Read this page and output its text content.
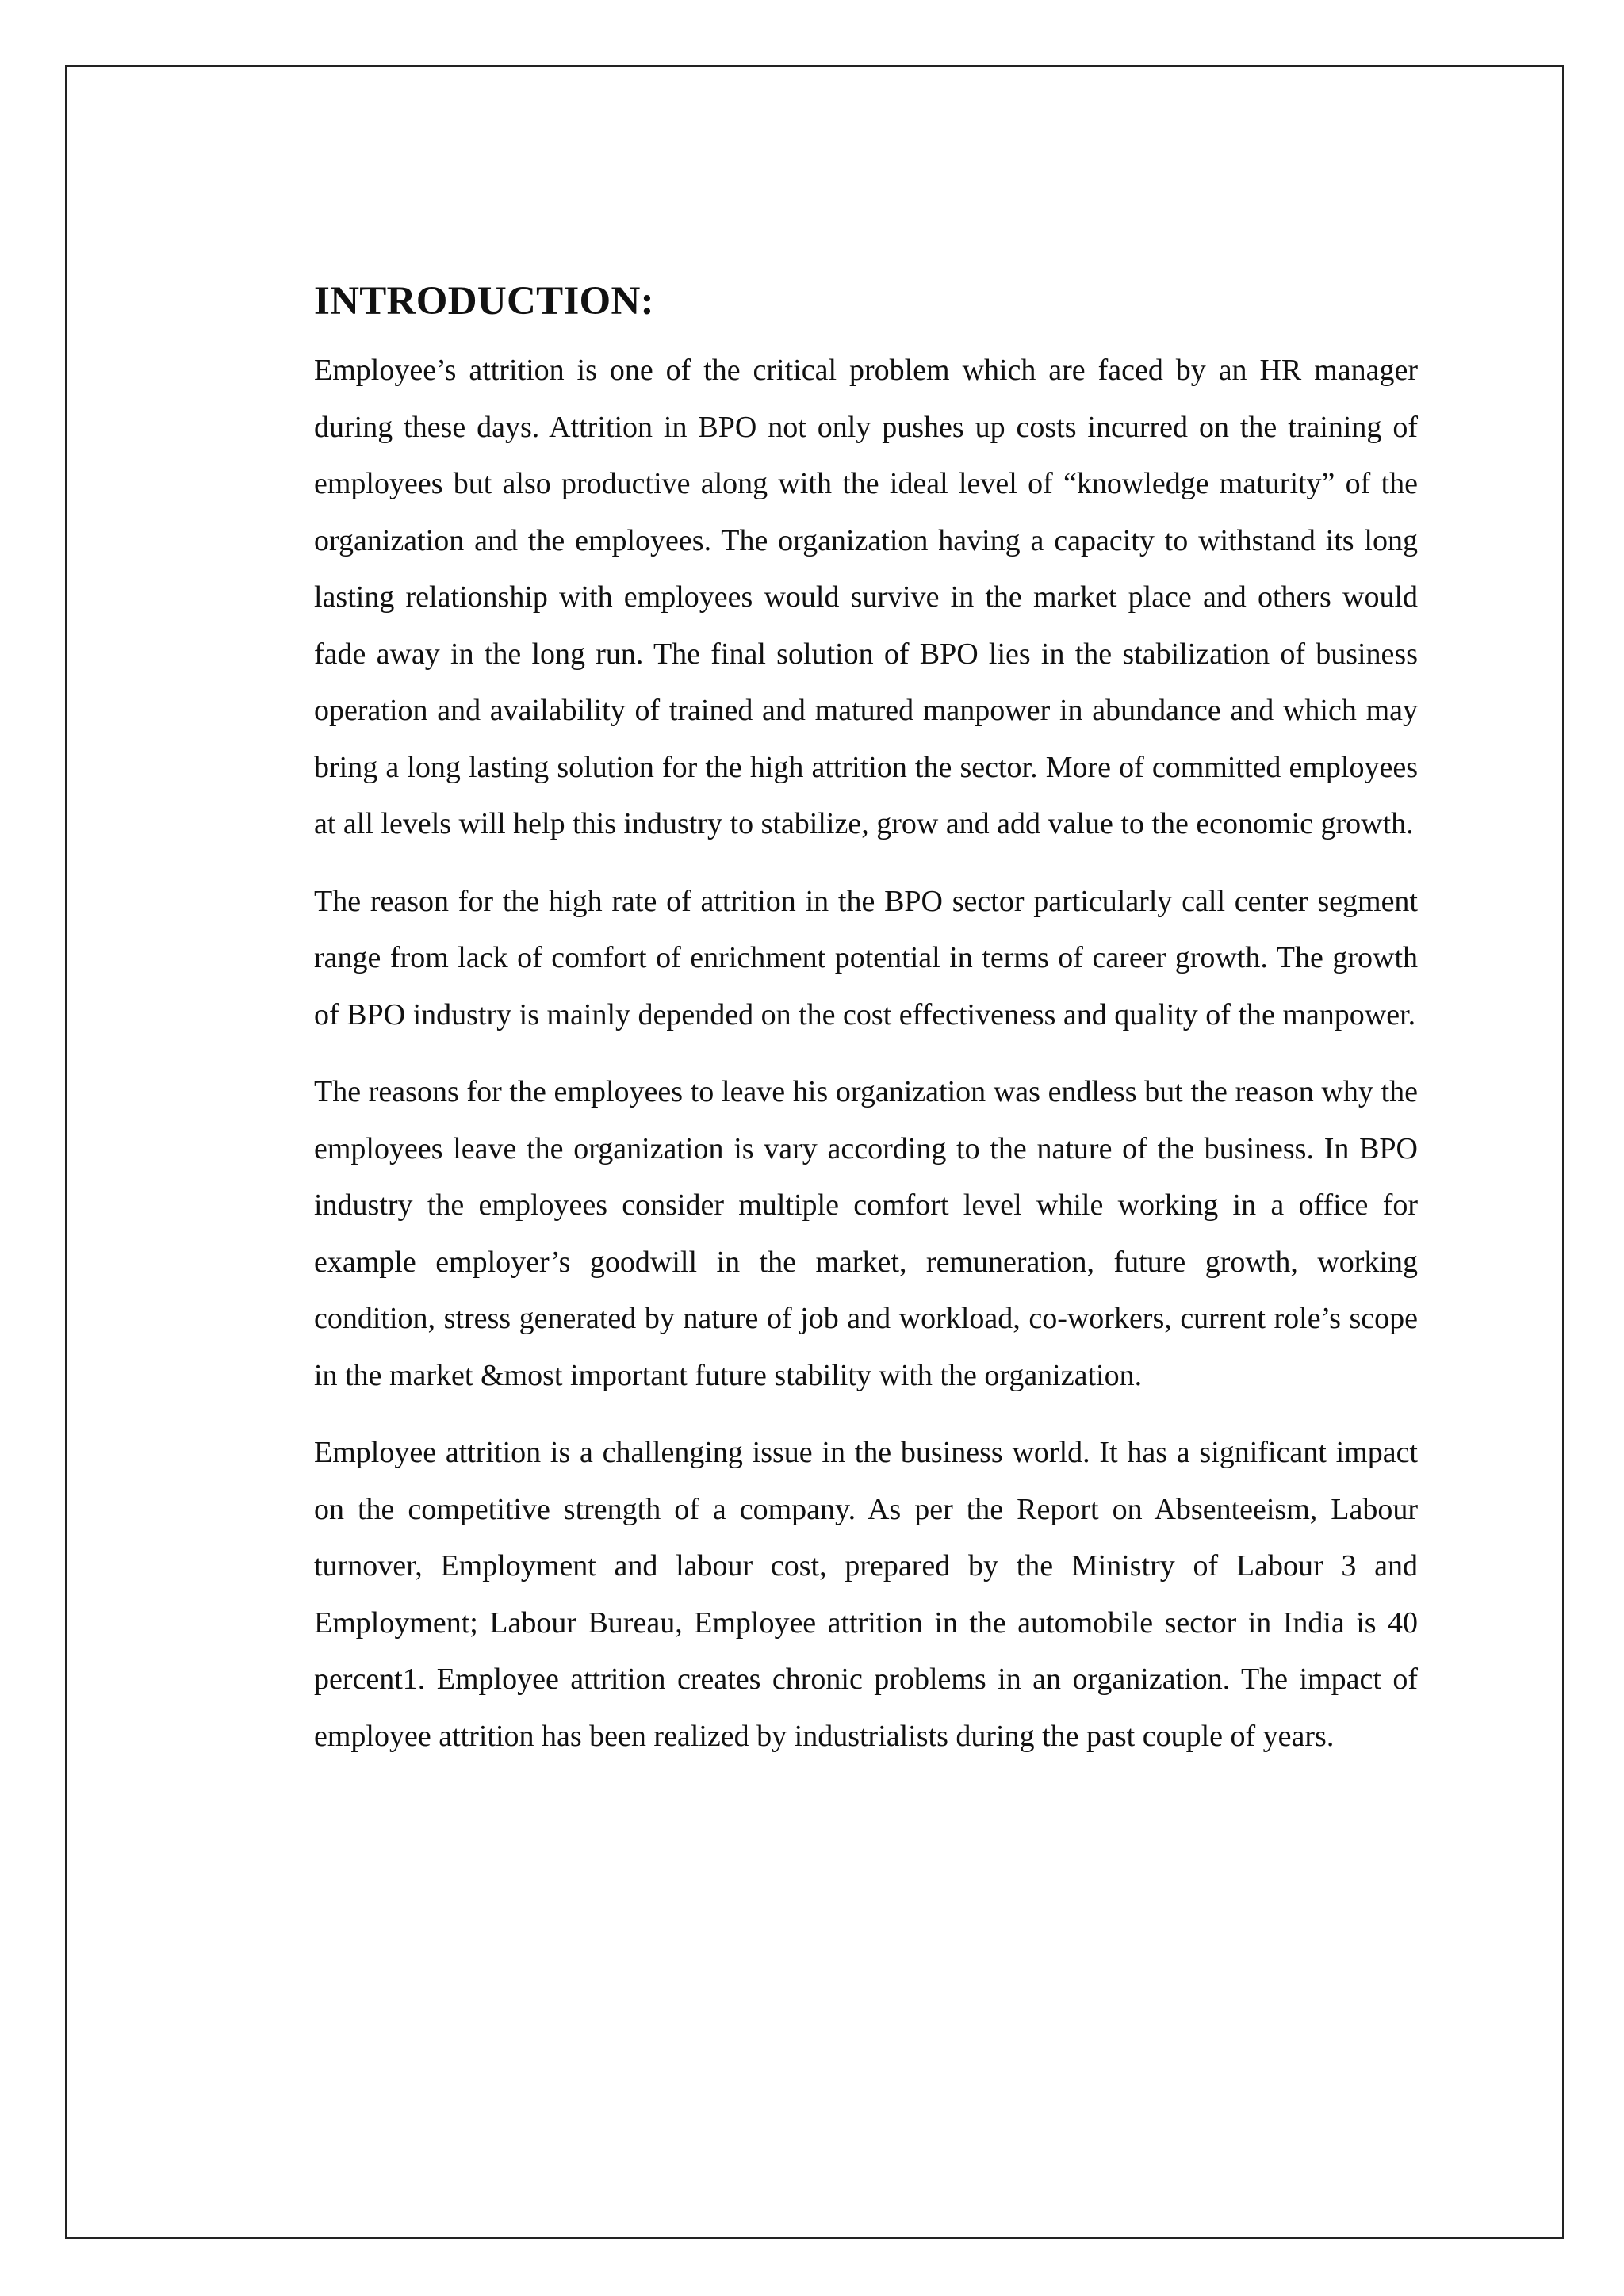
INTRODUCTION:

Employee’s attrition is one of the critical problem which are faced by an HR manager during these days. Attrition in BPO not only pushes up costs incurred on the training of employees but also productive along with the ideal level of “knowledge maturity” of the organization and the employees. The organization having a capacity to withstand its long lasting relationship with employees would survive in the market place and others would fade away in the long run. The final solution of BPO lies in the stabilization of business operation and availability of trained and matured manpower in abundance and which may bring a long lasting solution for the high attrition the sector. More of committed employees at all levels will help this industry to stabilize, grow and add value to the economic growth.

The reason for the high rate of attrition in the BPO sector particularly call center segment range from lack of comfort of enrichment potential in terms of career growth. The growth of BPO industry is mainly depended on the cost effectiveness and quality of the manpower.

The reasons for the employees to leave his organization was endless but the reason why the employees leave the organization is vary according to the nature of the business. In BPO industry the employees consider multiple comfort level while working in a office for example employer’s goodwill in the market, remuneration, future growth, working condition, stress generated by nature of job and workload, co-workers, current role’s scope in the market &most important future stability with the organization.

Employee attrition is a challenging issue in the business world. It has a significant impact on the competitive strength of a company. As per the Report on Absenteeism, Labour turnover, Employment and labour cost, prepared by the Ministry of Labour 3 and Employment; Labour Bureau, Employee attrition in the automobile sector in India is 40 percent1. Employee attrition creates chronic problems in an organization. The impact of employee attrition has been realized by industrialists during the past couple of years.
